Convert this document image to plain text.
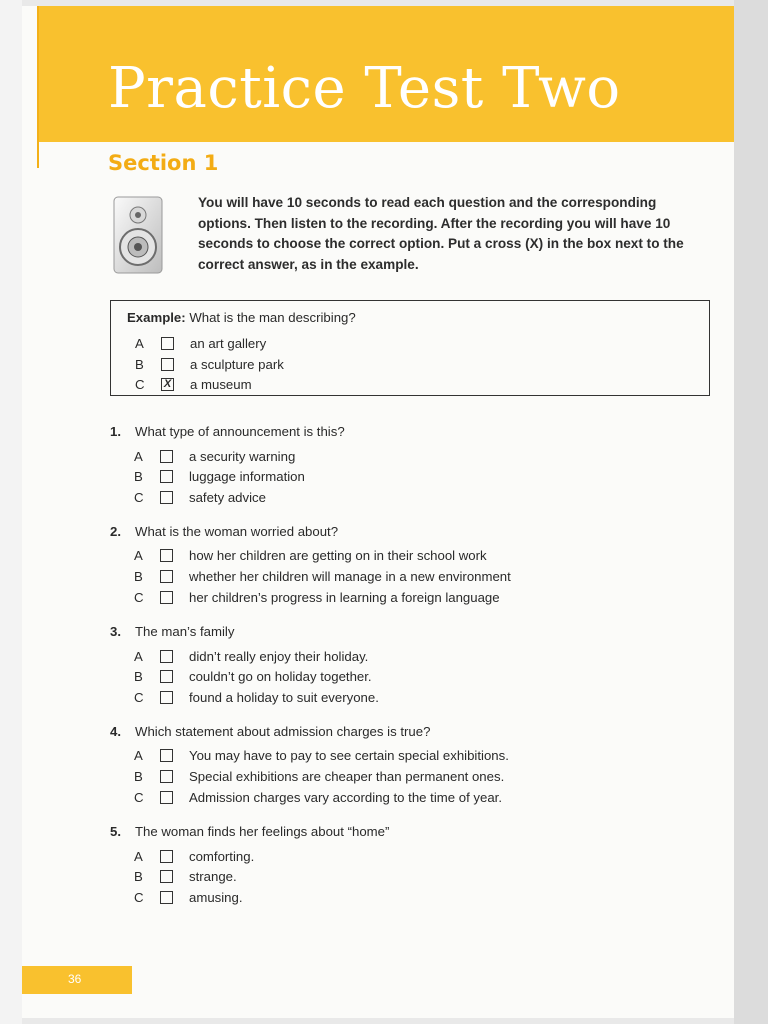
Practice Test Two
Section 1
You will have 10 seconds to read each question and the corresponding options. Then listen to the recording. After the recording you will have 10 seconds to choose the correct option. Put a cross (X) in the box next to the correct answer, as in the example.
Example: What is the man describing?
A	an art gallery
B	a sculpture park
C	X a museum
1. What type of announcement is this?
A	a security warning
B	luggage information
C	safety advice
2. What is the woman worried about?
A	how her children are getting on in their school work
B	whether her children will manage in a new environment
C	her children’s progress in learning a foreign language
3. The man’s family
A	didn’t really enjoy their holiday.
B	couldn’t go on holiday together.
C	found a holiday to suit everyone.
4. Which statement about admission charges is true?
A	You may have to pay to see certain special exhibitions.
B	Special exhibitions are cheaper than permanent ones.
C	Admission charges vary according to the time of year.
5. The woman finds her feelings about “home”
A	comforting.
B	strange.
C	amusing.
36
